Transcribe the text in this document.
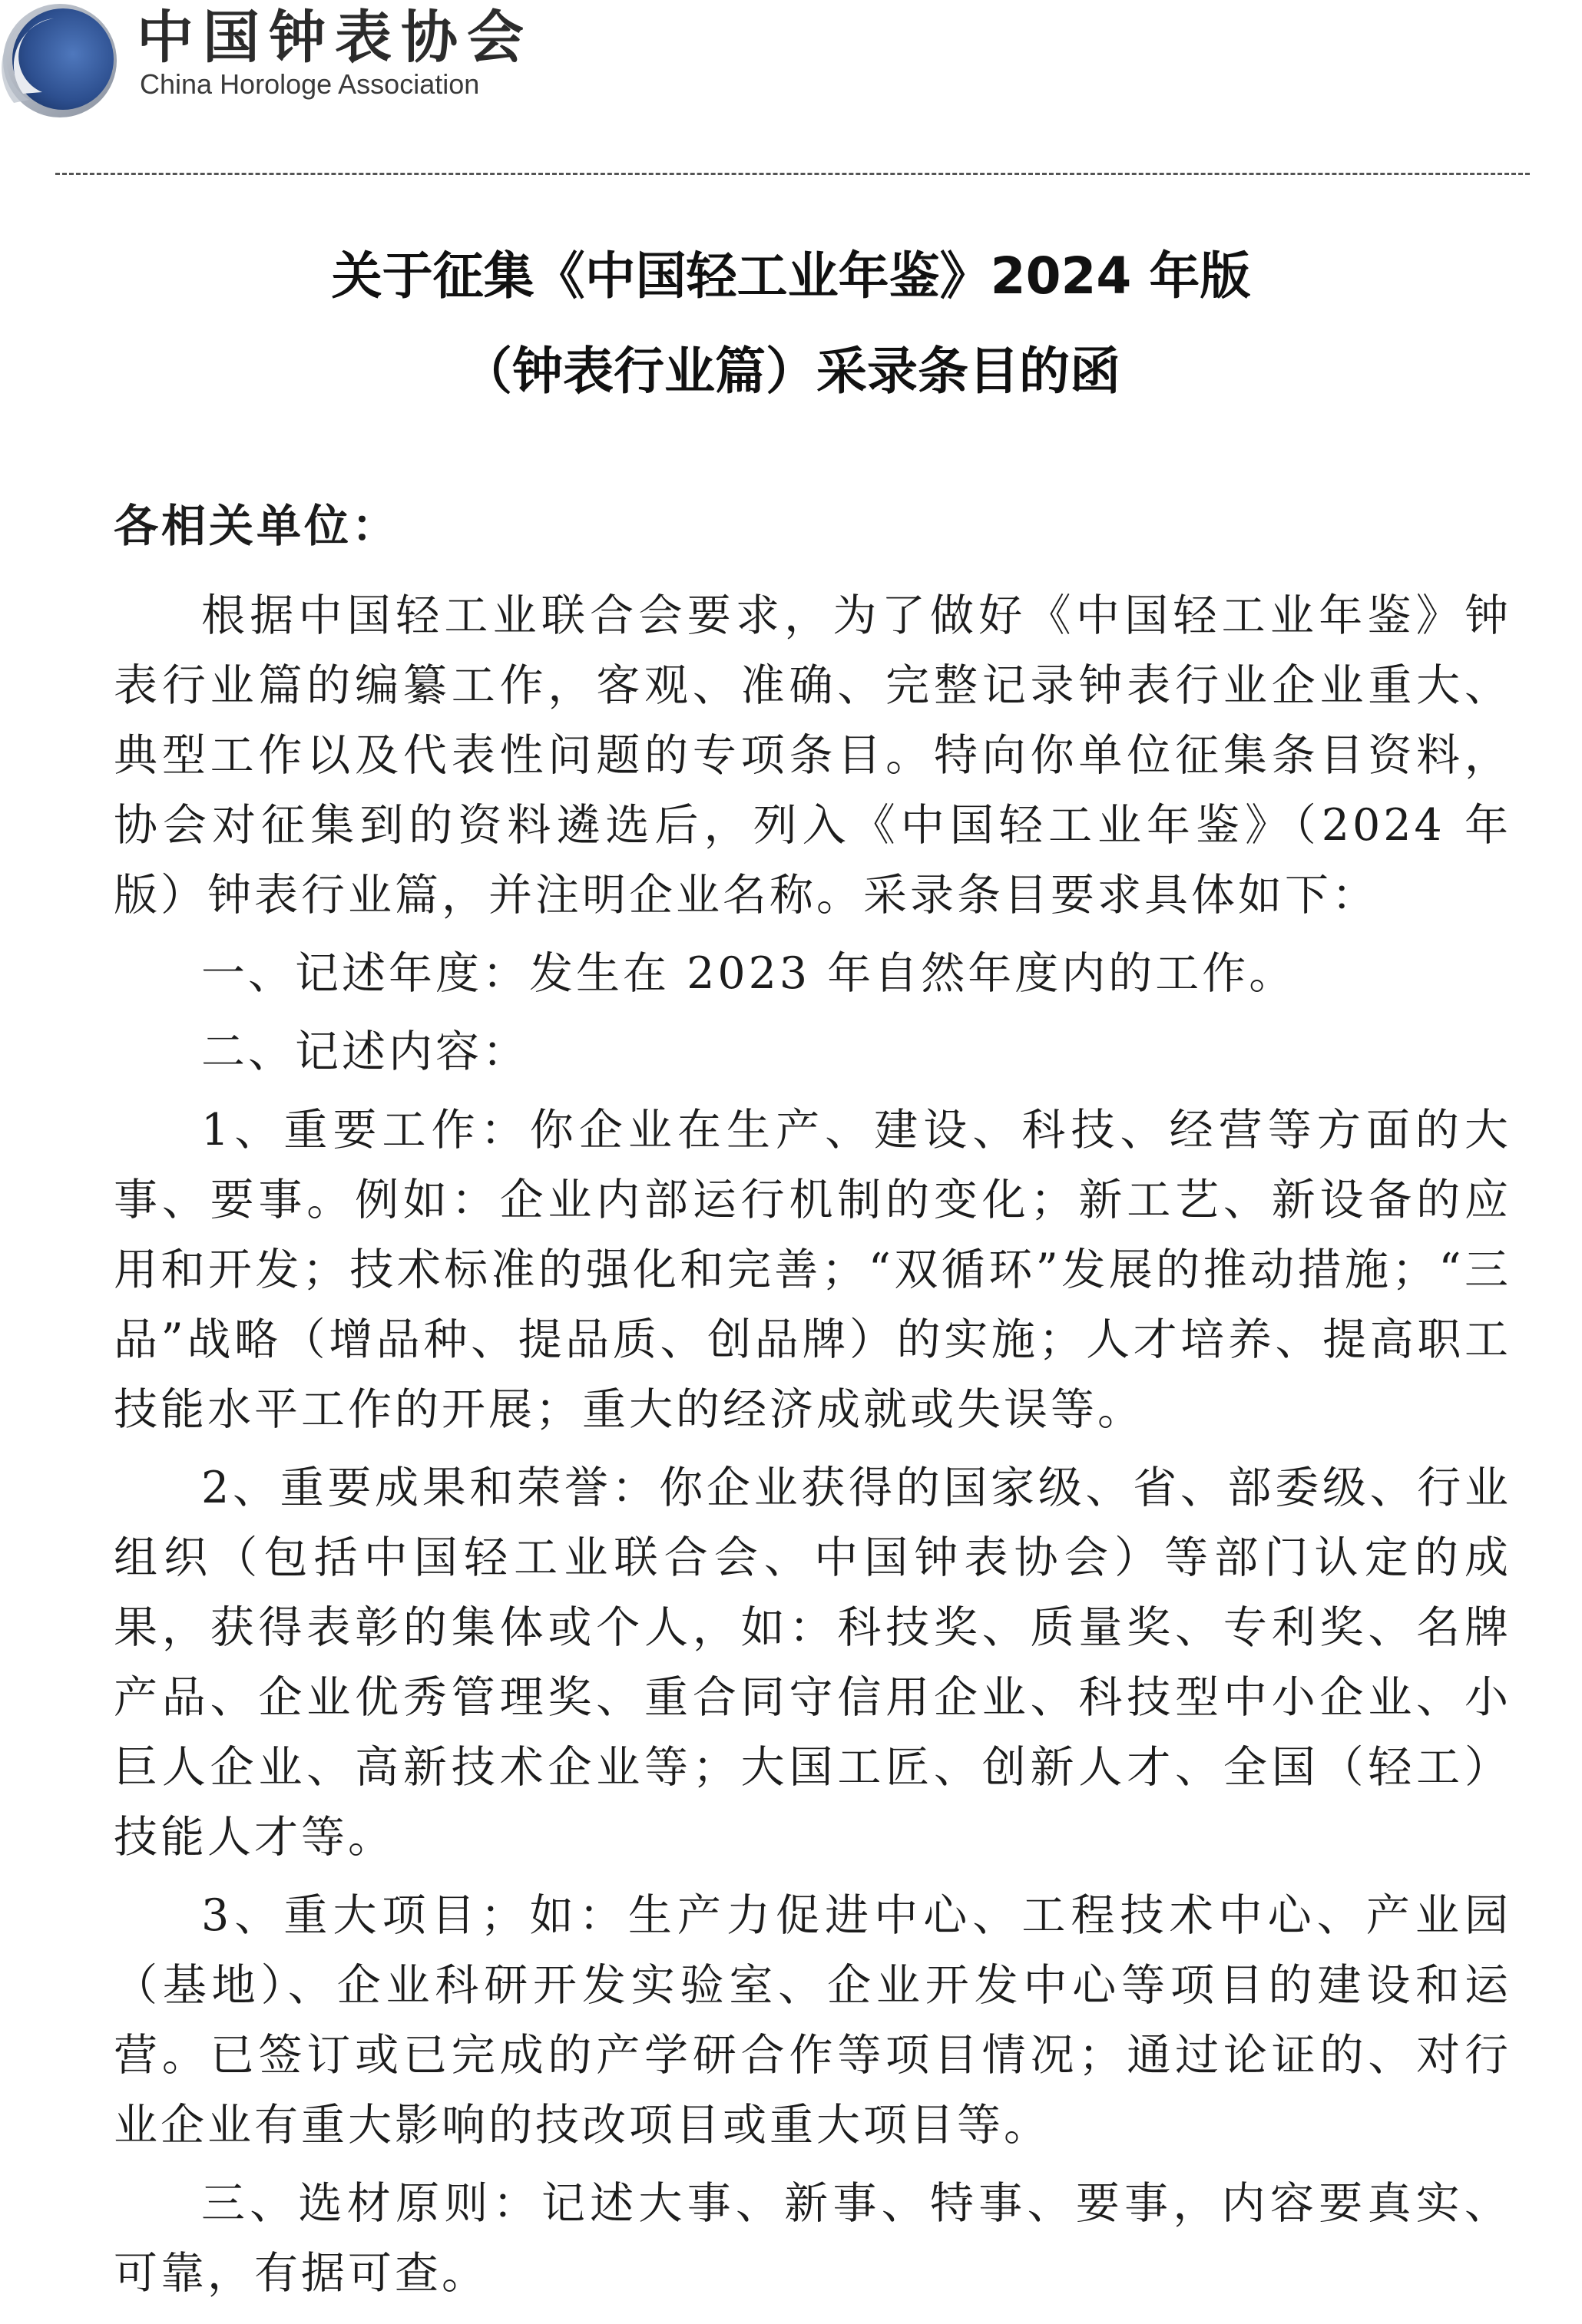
中国钟表协会
China Horologe Association
关于征集《中国轻工业年鉴》2024 年版
（钟表行业篇）采录条目的函
各相关单位：

根据中国轻工业联合会要求，为了做好《中国轻工业年鉴》钟表行业篇的编纂工作，客观、准确、完整记录钟表行业企业重大、典型工作以及代表性问题的专项条目。特向你单位征集条目资料，协会对征集到的资料遴选后，列入《中国轻工业年鉴》（2024 年版）钟表行业篇，并注明企业名称。采录条目要求具体如下：

一、记述年度：发生在 2023 年自然年度内的工作。

二、记述内容：

1、重要工作：你企业在生产、建设、科技、经营等方面的大事、要事。例如：企业内部运行机制的变化；新工艺、新设备的应用和开发；技术标准的强化和完善；“双循环”发展的推动措施；“三品”战略（增品种、提品质、创品牌）的实施；人才培养、提高职工技能水平工作的开展；重大的经济成就或失误等。

2、重要成果和荣誉：你企业获得的国家级、省、部委级、行业组织（包括中国轻工业联合会、中国钟表协会）等部门认定的成果，获得表彰的集体或个人，如：科技奖、质量奖、专利奖、名牌产品、企业优秀管理奖、重合同守信用企业、科技型中小企业、小巨人企业、高新技术企业等；大国工匠、创新人才、全国（轻工）技能人才等。

3、重大项目；如：生产力促进中心、工程技术中心、产业园（基地）、企业科研开发实验室、企业开发中心等项目的建设和运营。已签订或已完成的产学研合作等项目情况；通过论证的、对行业企业有重大影响的技改项目或重大项目等。

三、选材原则：记述大事、新事、特事、要事，内容要真实、可靠，有据可查。
